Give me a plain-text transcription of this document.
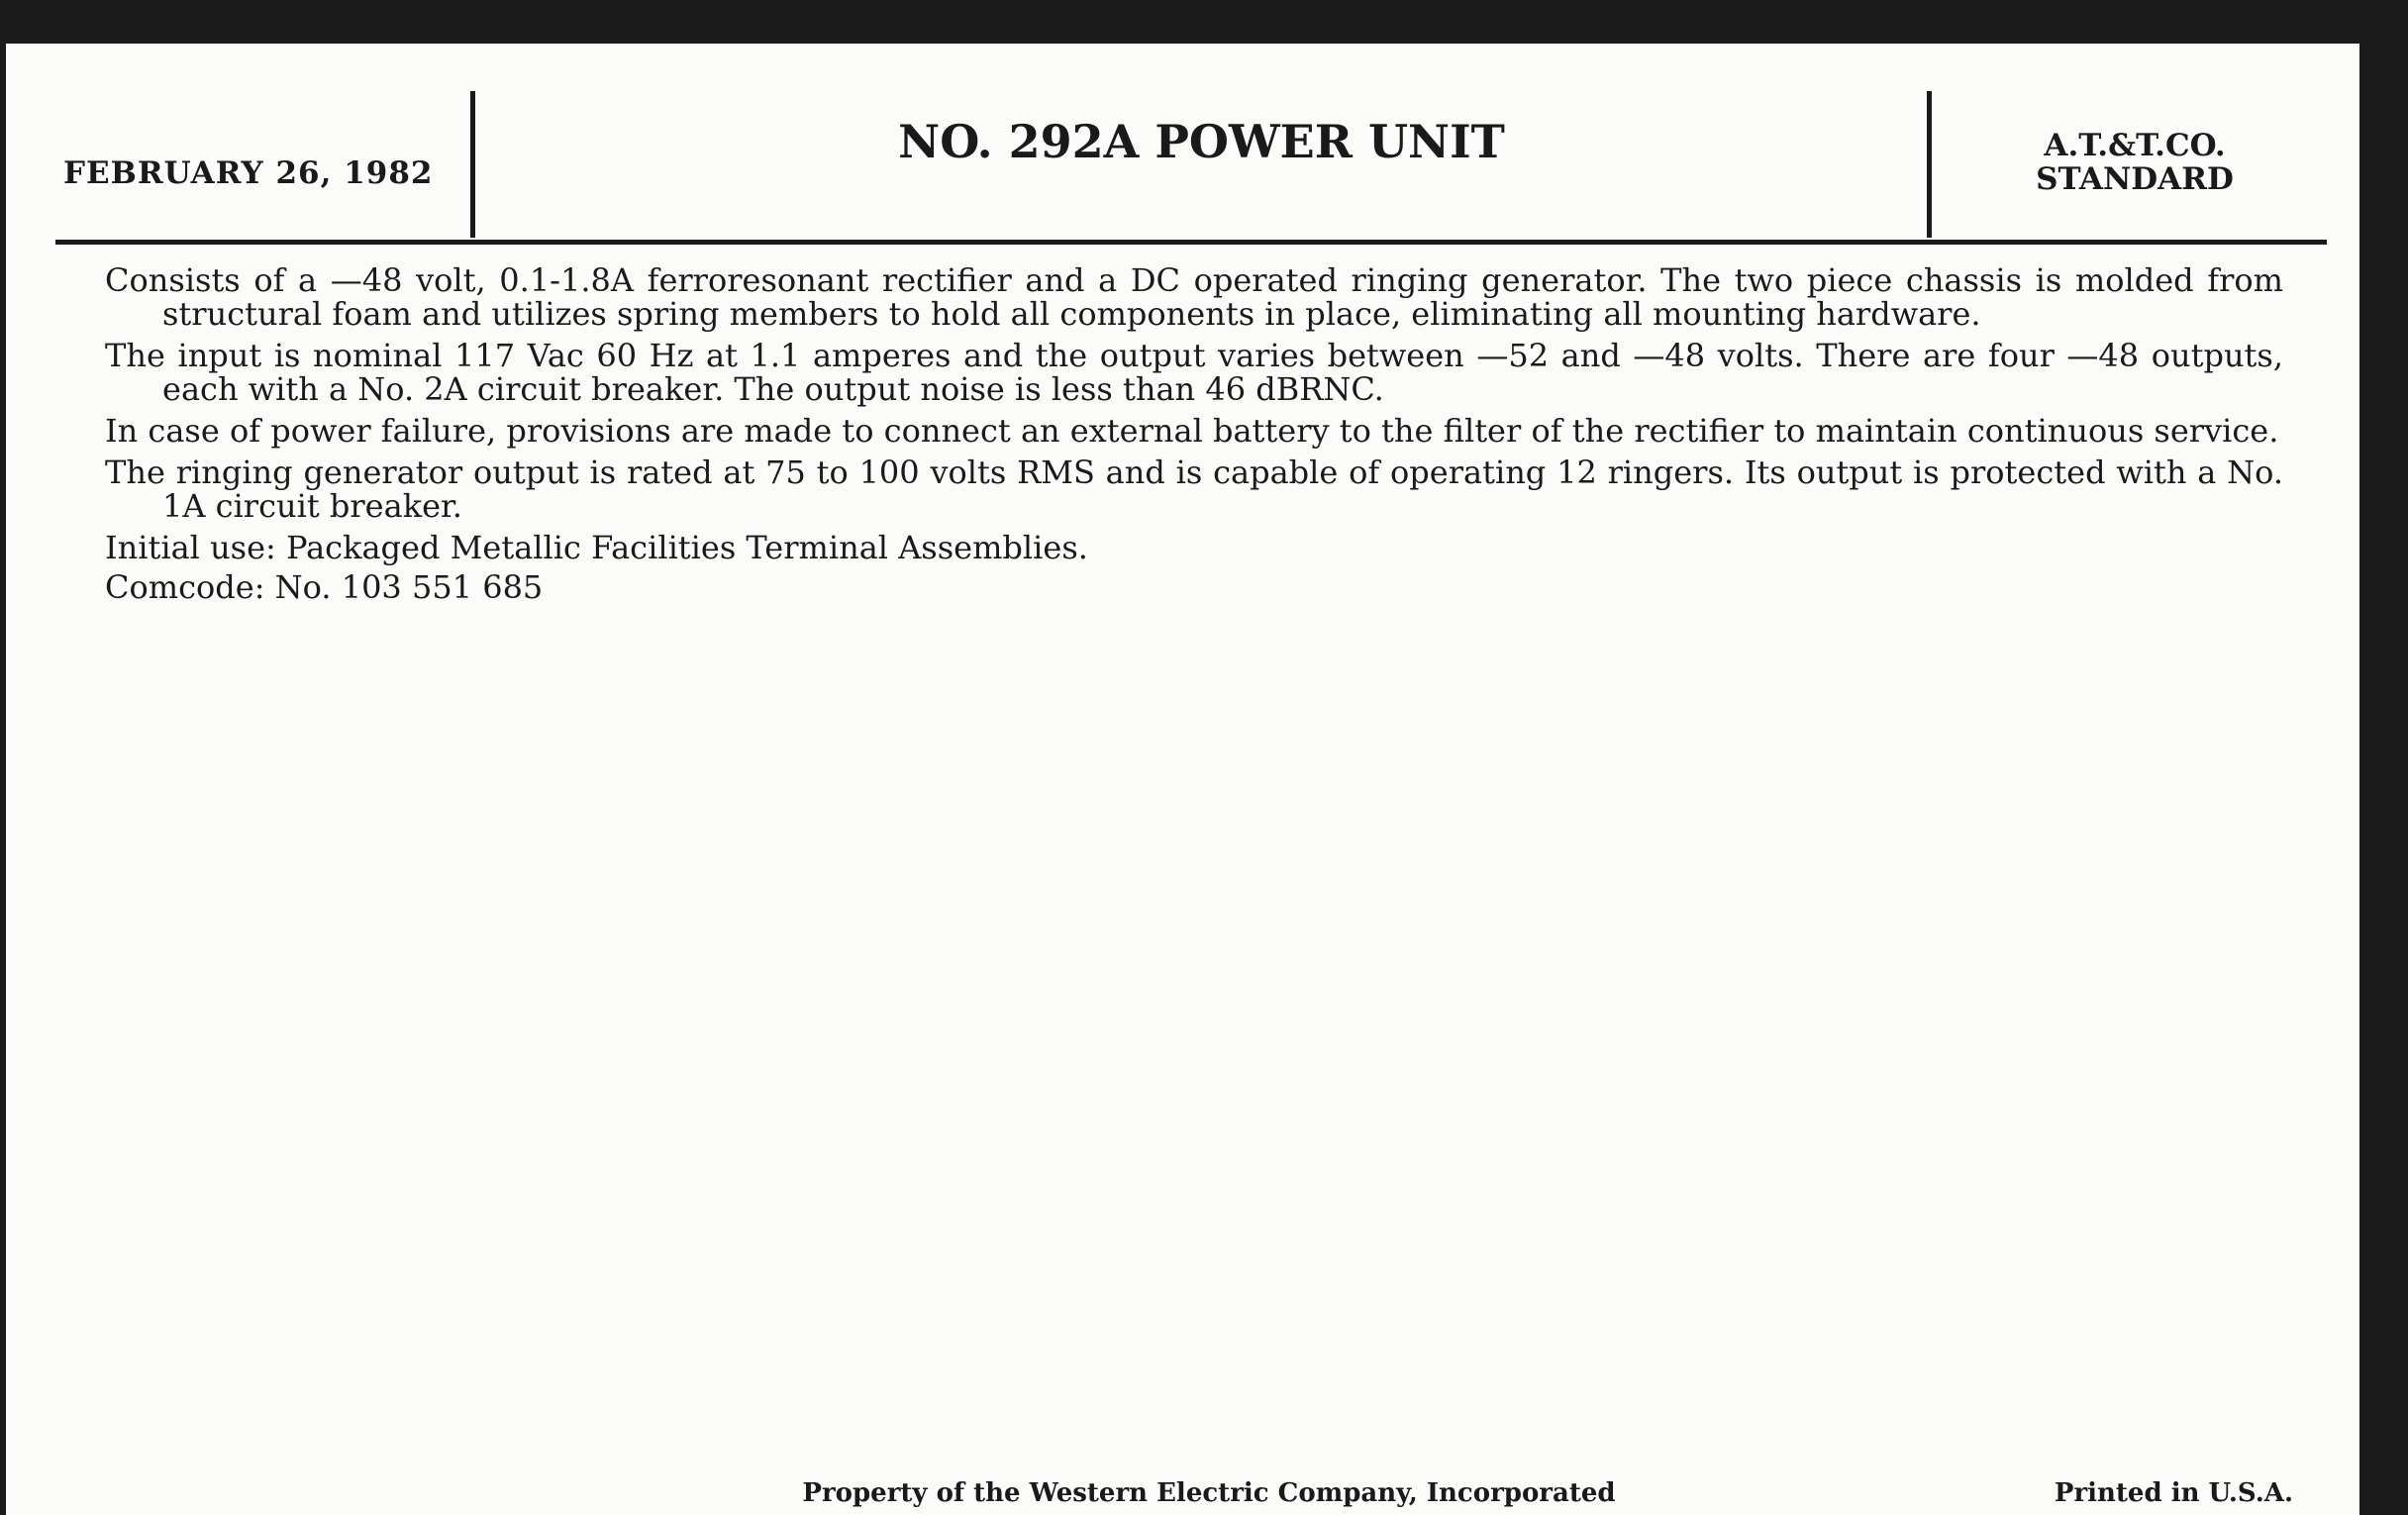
FEBRUARY 26, 1982
NO. 292A POWER UNIT	A.T.&T.CO.
STANDARD

Consists of a —48 volt, 0.1-1.8A ferroresonant rectifier and a DC operated ringing generator. The two piece chassis is molded from structural foam and utilizes spring members to hold all components in place, eliminating all mounting hardware.

The input is nominal 117 Vac 60 Hz at 1.1 amperes and the output varies between —52 and —48 volts. There are four —48 outputs, each with a No. 2A circuit breaker. The output noise is less than 46 dBRNC.

In case of power failure, provisions are made to connect an external battery to the filter of the rectifier to maintain continuous service.

The ringing generator output is rated at 75 to 100 volts RMS and is capable of operating 12 ringers. Its output is protected with a No. 1A circuit breaker.

Initial use: Packaged Metallic Facilities Terminal Assemblies.

Comcode: No. 103 551 685

Property of the Western Electric Company, Incorporated	Printed in U.S.A.
